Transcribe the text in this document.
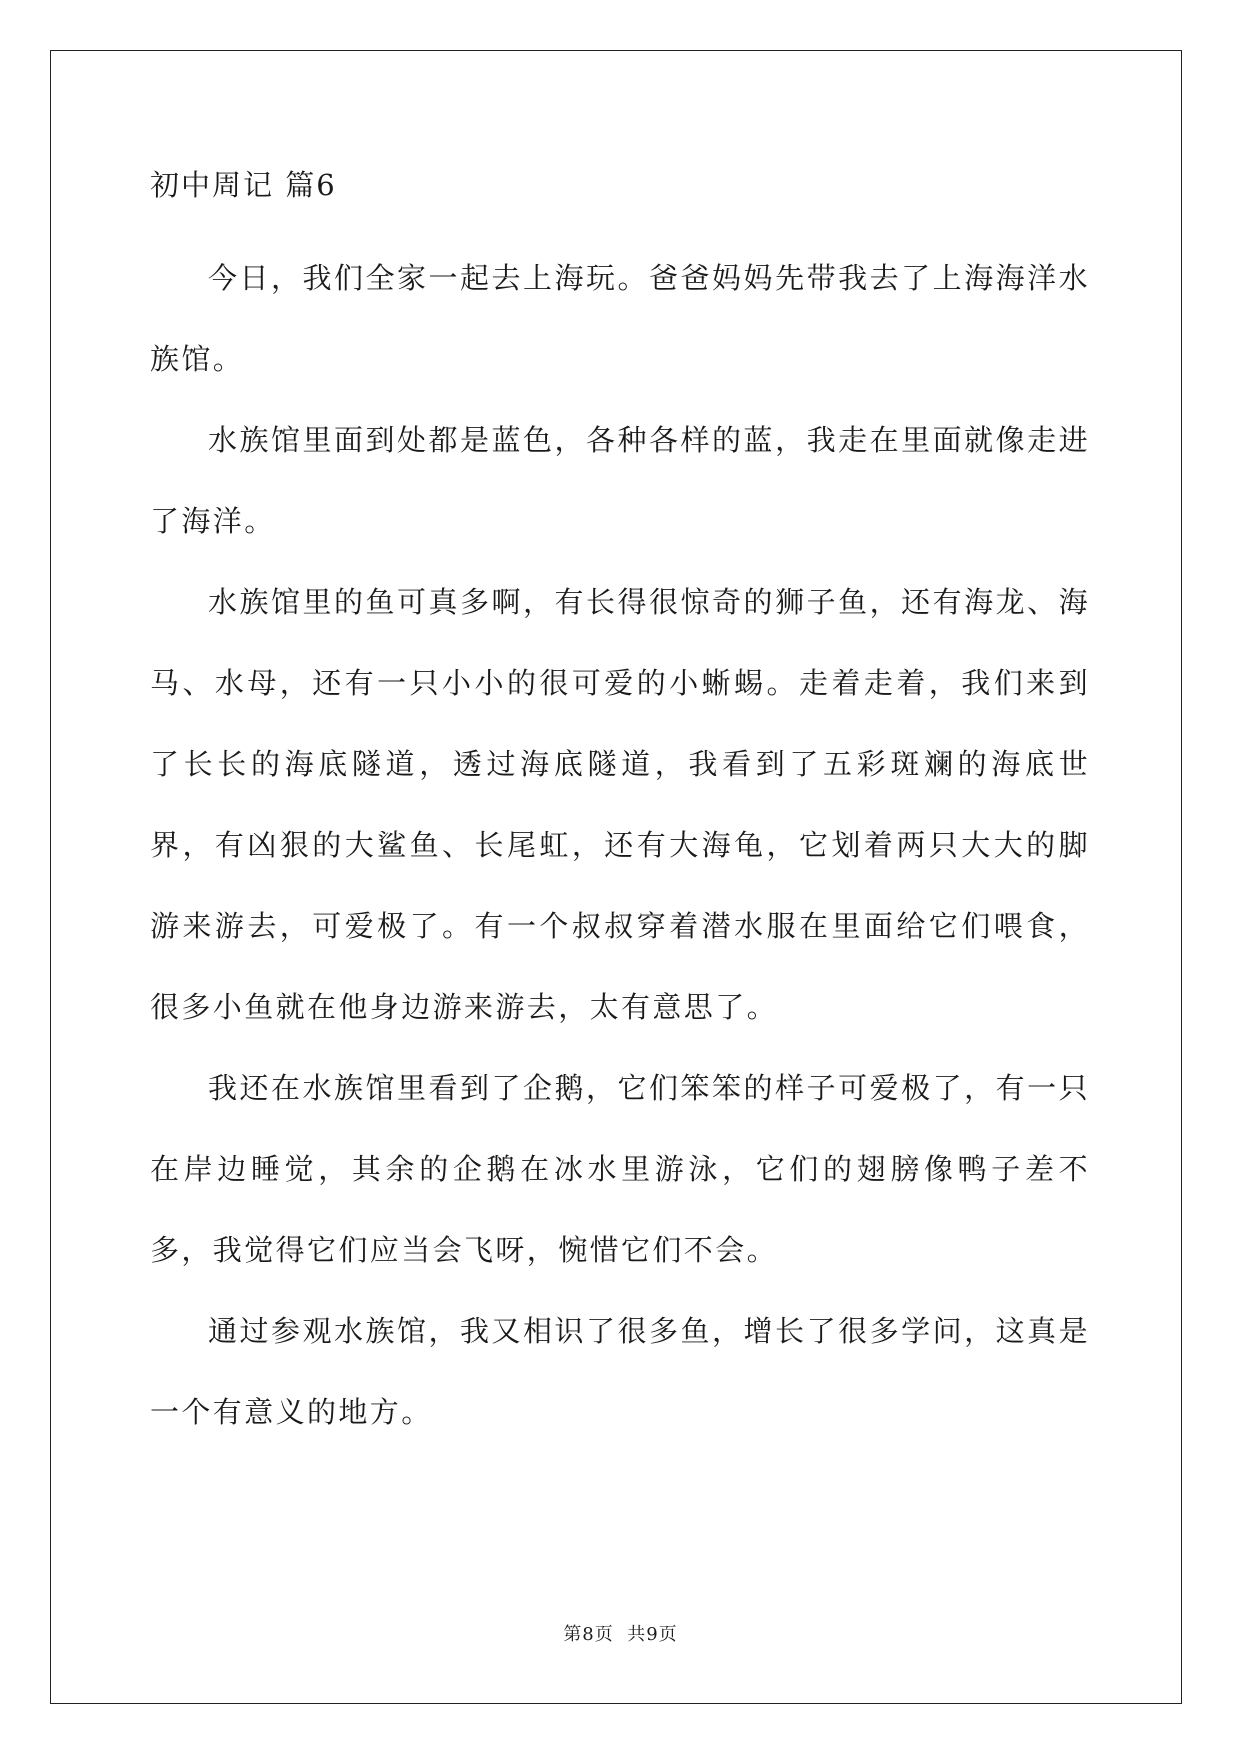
初中周记 篇6

今日，我们全家一起去上海玩。爸爸妈妈先带我去了上海海洋水族馆。

水族馆里面到处都是蓝色，各种各样的蓝，我走在里面就像走进了海洋。

水族馆里的鱼可真多啊，有长得很惊奇的狮子鱼，还有海龙、海马、水母，还有一只小小的很可爱的小蜥蜴。走着走着，我们来到了长长的海底隧道，透过海底隧道，我看到了五彩斑斓的海底世界，有凶狠的大鲨鱼、长尾虹，还有大海龟，它划着两只大大的脚游来游去，可爱极了。有一个叔叔穿着潜水服在里面给它们喂食，很多小鱼就在他身边游来游去，太有意思了。

我还在水族馆里看到了企鹅，它们笨笨的样子可爱极了，有一只在岸边睡觉，其余的企鹅在冰水里游泳，它们的翅膀像鸭子差不多，我觉得它们应当会飞呀，惋惜它们不会。

通过参观水族馆，我又相识了很多鱼，增长了很多学问，这真是一个有意义的地方。

第8页  共9页
